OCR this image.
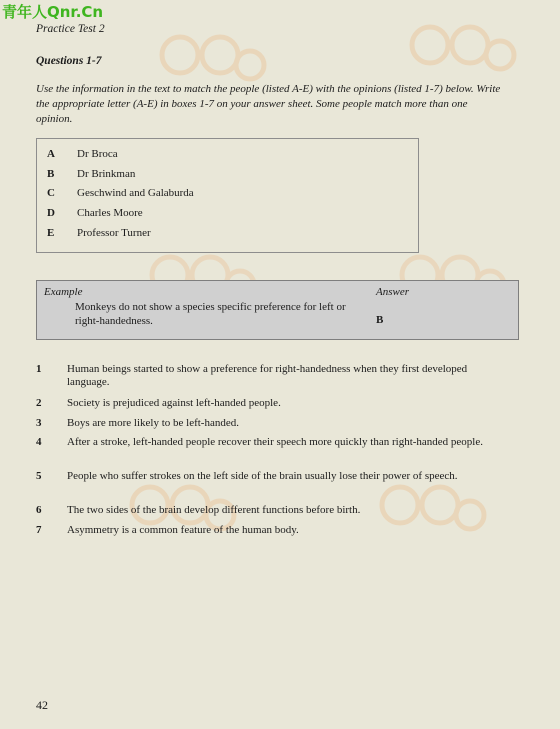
青年人Qnr.Cn
Practice Test 2
Questions 1-7
Use the information in the text to match the people (listed A-E) with the opinions (listed 1-7) below. Write the appropriate letter (A-E) in boxes 1-7 on your answer sheet. Some people match more than one opinion.
A Dr Broca
B Dr Brinkman
C Geschwind and Galaburda
D Charles Moore
E Professor Turner
Example	Answer
Monkeys do not show a species specific preference for left or right-handedness.	B
1	Human beings started to show a preference for right-handedness when they first developed language.
2	Society is prejudiced against left-handed people.
3	Boys are more likely to be left-handed.
4	After a stroke, left-handed people recover their speech more quickly than right-handed people.
5	People who suffer strokes on the left side of the brain usually lose their power of speech.
6	The two sides of the brain develop different functions before birth.
7	Asymmetry is a common feature of the human body.
42
